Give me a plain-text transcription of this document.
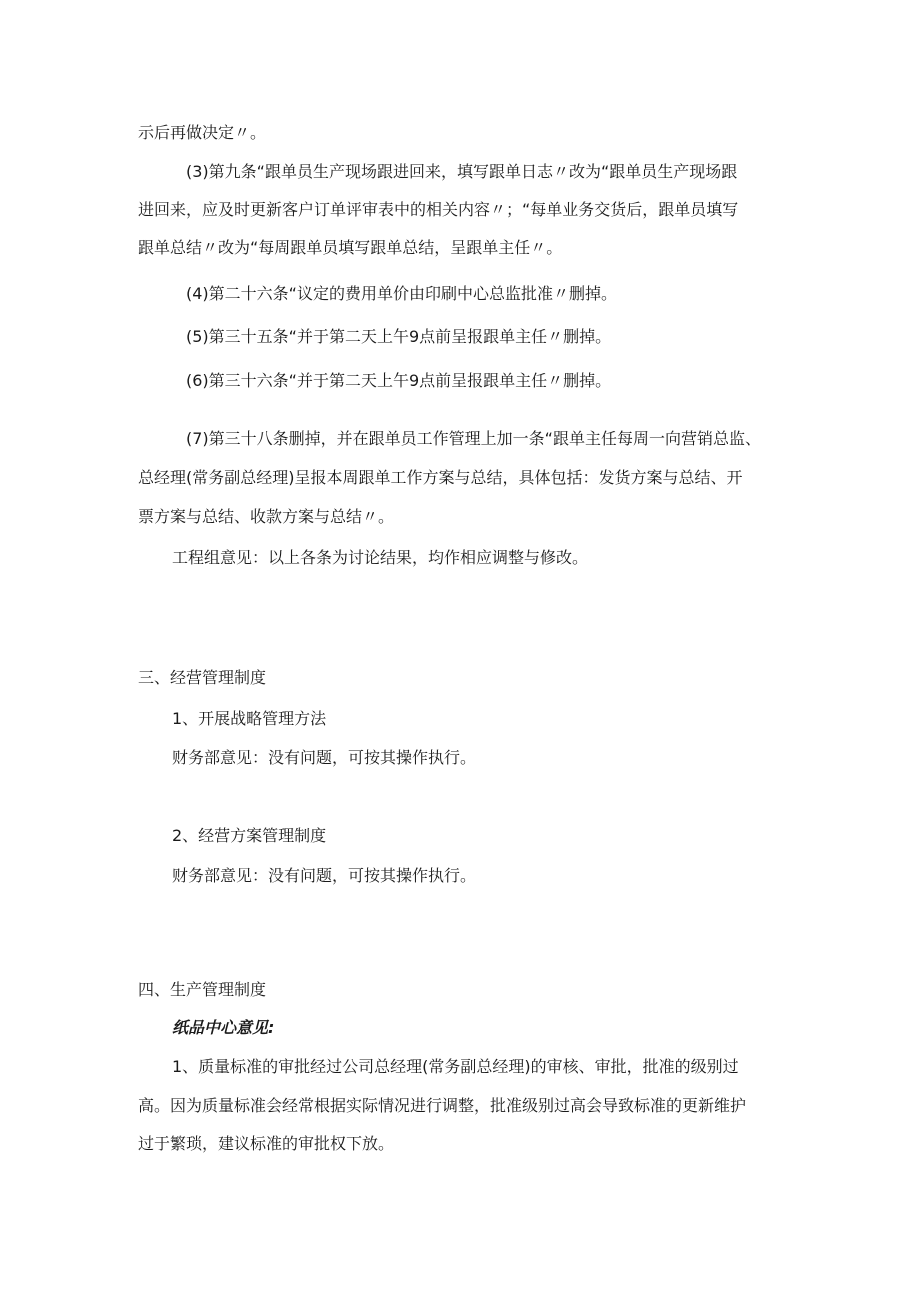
示后再做决定〃。

(3)第九条“跟单员生产现场跟进回来，填写跟单日志〃改为“跟单员生产现场跟

进回来，应及时更新客户订单评审表中的相关内容〃；“每单业务交货后，跟单员填写

跟单总结〃改为“每周跟单员填写跟单总结，呈跟单主任〃。

(4)第二十六条“议定的费用单价由印刷中心总监批准〃删掉。

(5)第三十五条“并于第二天上午9点前呈报跟单主任〃删掉。

(6)第三十六条“并于第二天上午9点前呈报跟单主任〃删掉。

(7)第三十八条删掉，并在跟单员工作管理上加一条“跟单主任每周一向营销总监、

总经理(常务副总经理)呈报本周跟单工作方案与总结，具体包括：发货方案与总结、开

票方案与总结、收款方案与总结〃。

工程组意见：以上各条为讨论结果，均作相应调整与修改。

三、经营管理制度

1、开展战略管理方法

财务部意见：没有问题，可按其操作执行。

2、经营方案管理制度

财务部意见：没有问题，可按其操作执行。

四、生产管理制度

纸品中心意见:

1、质量标准的审批经过公司总经理(常务副总经理)的审核、审批，批准的级别过

高。因为质量标准会经常根据实际情况进行调整，批准级别过高会导致标准的更新维护

过于繁琐，建议标准的审批权下放。
